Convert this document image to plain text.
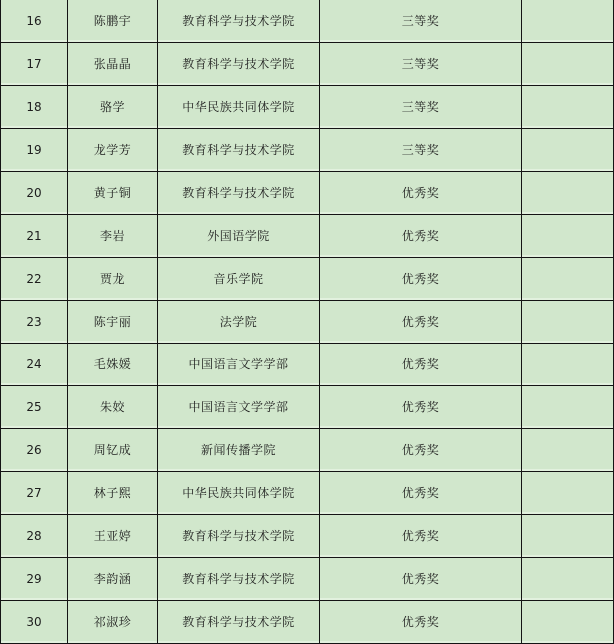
16	陈鹏宇	教育科学与技术学院	三等奖
17	张晶晶	教育科学与技术学院	三等奖
18	骆学	中华民族共同体学院	三等奖
19	龙学芳	教育科学与技术学院	三等奖
20	黄子铜	教育科学与技术学院	优秀奖
21	李岩	外国语学院	优秀奖
22	贾龙	音乐学院	优秀奖
23	陈宇丽	法学院	优秀奖
24	毛姝媛	中国语言文学学部	优秀奖
25	朱姣	中国语言文学学部	优秀奖
26	周钇成	新闻传播学院	优秀奖
27	林子熙	中华民族共同体学院	优秀奖
28	王亚婷	教育科学与技术学院	优秀奖
29	李韵涵	教育科学与技术学院	优秀奖
30	祁淑珍	教育科学与技术学院	优秀奖
